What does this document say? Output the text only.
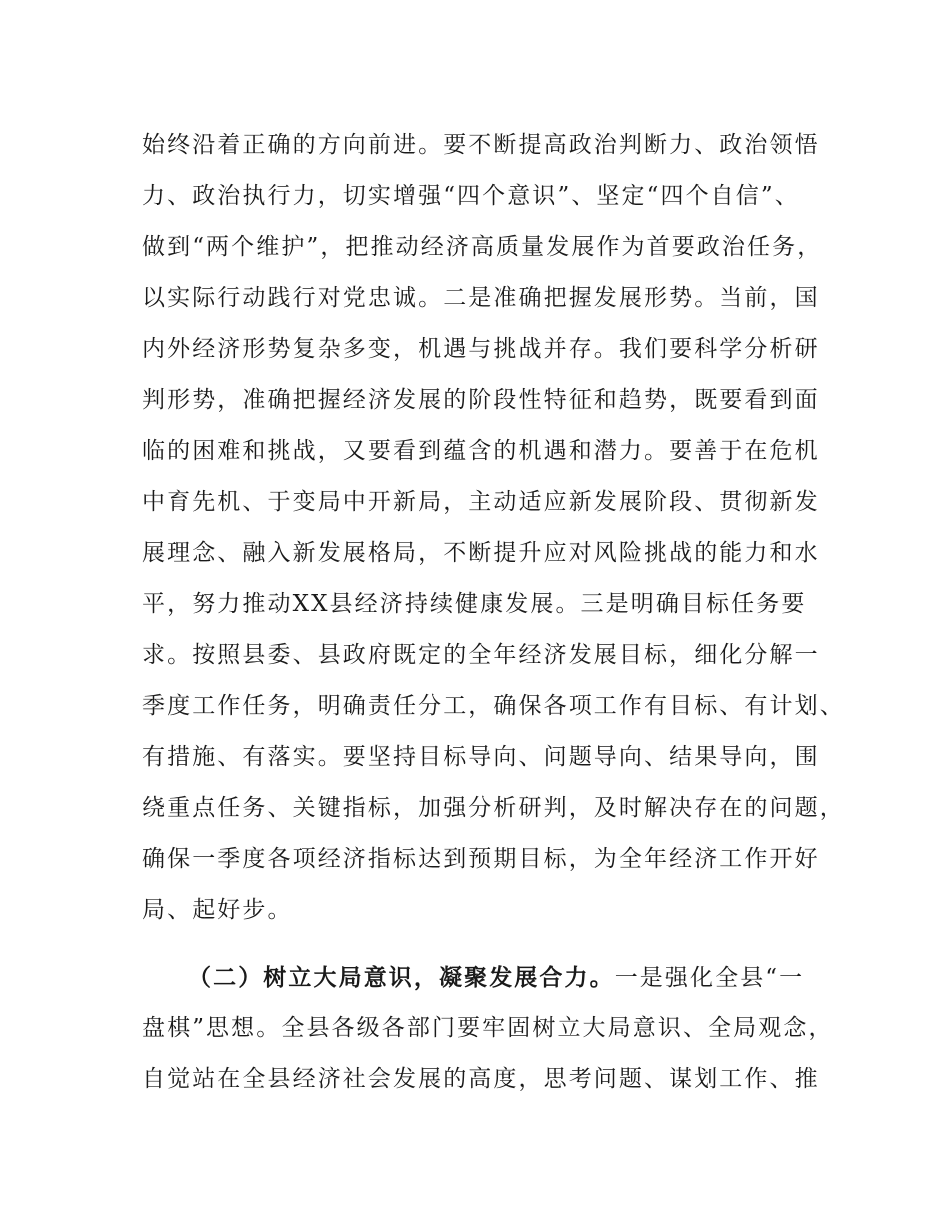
始终沿着正确的方向前进。要不断提高政治判断力、政治领悟
力、政治执行力，切实增强“四个意识”、坚定“四个自信”、
做到“两个维护”，把推动经济高质量发展作为首要政治任务，
以实际行动践行对党忠诚。二是准确把握发展形势。当前，国
内外经济形势复杂多变，机遇与挑战并存。我们要科学分析研
判形势，准确把握经济发展的阶段性特征和趋势，既要看到面
临的困难和挑战，又要看到蕴含的机遇和潜力。要善于在危机
中育先机、于变局中开新局，主动适应新发展阶段、贯彻新发
展理念、融入新发展格局，不断提升应对风险挑战的能力和水
平，努力推动XX县经济持续健康发展。三是明确目标任务要
求。按照县委、县政府既定的全年经济发展目标，细化分解一
季度工作任务，明确责任分工，确保各项工作有目标、有计划、
有措施、有落实。要坚持目标导向、问题导向、结果导向，围
绕重点任务、关键指标，加强分析研判，及时解决存在的问题，
确保一季度各项经济指标达到预期目标，为全年经济工作开好
局、起好步。
（二）树立大局意识，凝聚发展合力。一是强化全县“一
盘棋”思想。全县各级各部门要牢固树立大局意识、全局观念，
自觉站在全县经济社会发展的高度，思考问题、谋划工作、推
